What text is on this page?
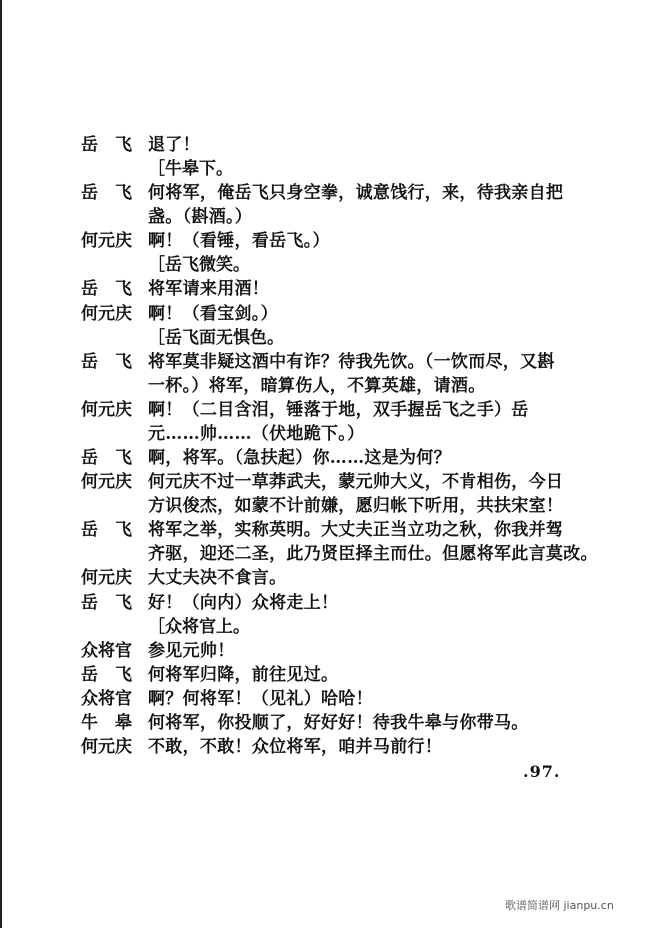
岳　飞 退了！
［牛皋下。
岳　飞 何将军，俺岳飞只身空拳，诚意饯行，来，待我亲自把
盏。（斟酒。）
何元庆 啊！（看锤，看岳飞。）
［岳飞微笑。
岳　飞 将军请来用酒！
何元庆 啊！（看宝剑。）
［岳飞面无惧色。
岳　飞 将军莫非疑这酒中有诈？待我先饮。（一饮而尽，又斟
一杯。）将军，暗算伤人，不算英雄，请酒。
何元庆 啊！（二目含泪，锤落于地，双手握岳飞之手）岳
元……帅……（伏地跪下。）
岳　飞 啊，将军。（急扶起）你……这是为何？
何元庆 何元庆不过一草莽武夫，蒙元帅大义，不肯相伤，今日
方识俊杰，如蒙不计前嫌，愿归帐下听用，共扶宋室！
岳　飞 将军之举，实称英明。大丈夫正当立功之秋，你我并驾
齐驱，迎还二圣，此乃贤臣择主而仕。但愿将军此言莫改。
何元庆 大丈夫决不食言。
岳　飞 好！（向内）众将走上！
［众将官上。
众将官 参见元帅！
岳　飞 何将军归降，前往见过。
众将官 啊？何将军！（见礼）哈哈！
牛　皋 何将军，你投顺了，好好好！待我牛皋与你带马。
何元庆 不敢，不敢！众位将军，咱并马前行！
.97.
歌谱简谱网 jianpu.cn
